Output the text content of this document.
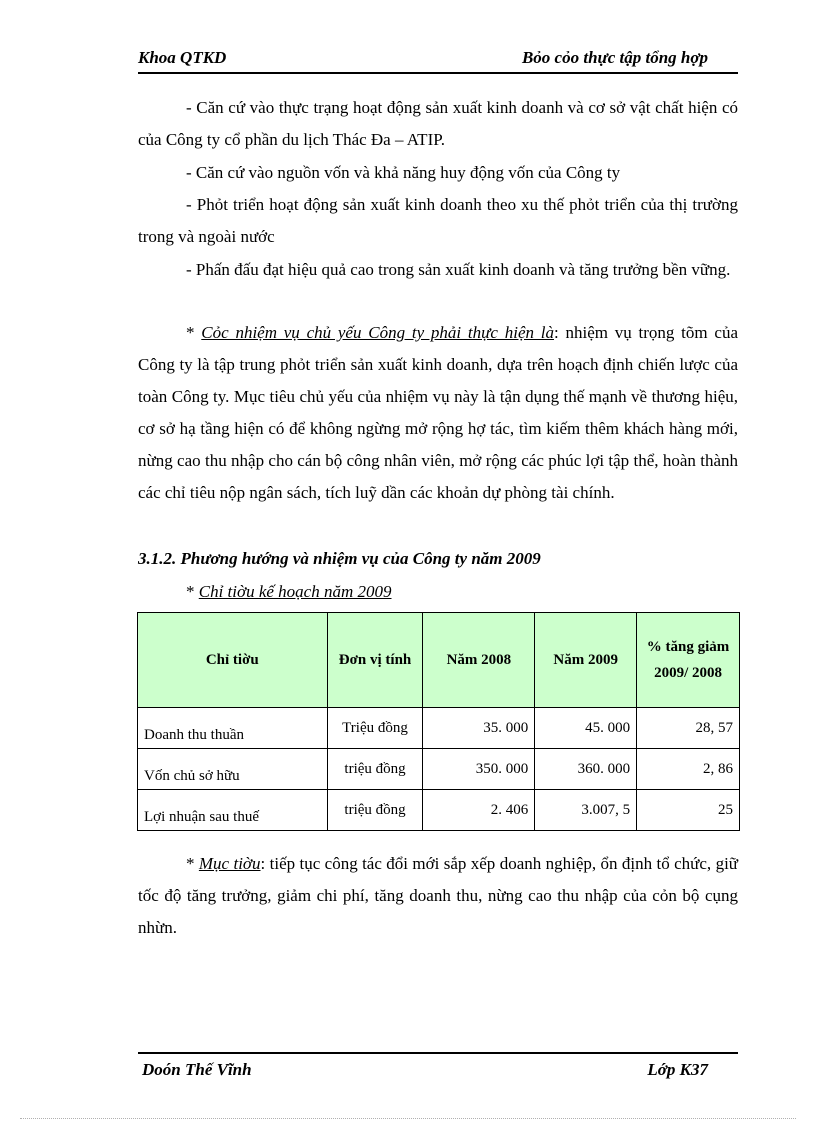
Khoa QTKD	Bỏo cỏo thực tập tổng hợp

- Căn cứ vào thực trạng hoạt động sản xuất kinh doanh và cơ sở vật chất hiện có của Công ty cổ phần du lịch Thác Đa – ATIP.

- Căn cứ vào nguồn vốn và khả năng huy động vốn của Công ty

- Phỏt triển hoạt động sản xuất kinh doanh theo xu thế phỏt triển của thị trường trong và ngoài nước

- Phấn đấu đạt hiệu quả cao trong sản xuất kinh doanh và tăng trưởng bền vững.

* Cỏc nhiệm vụ chủ yếu Công ty phải thực hiện là: nhiệm vụ trọng tõm của Công ty là tập trung phỏt triển sản xuất kinh doanh, dựa trên hoạch định chiến lược của toàn Công ty. Mục tiêu chủ yếu của nhiệm vụ này là tận dụng thế mạnh về thương hiệu, cơ sở hạ tầng hiện có để không ngừng mở rộng hợ tác, tìm kiếm thêm khách hàng mới, nừng cao thu nhập cho cán bộ công nhân viên, mở rộng các phúc lợi tập thể, hoàn thành các chỉ tiêu nộp ngân sách, tích luỹ dần các khoản dự phòng tài chính.

3.1.2. Phương hướng và nhiệm vụ của Công ty năm 2009

* Chỉ tiờu kế hoạch năm 2009

Chỉ tiờu	Đơn vị tính	Năm 2008	Năm 2009	% tăng giảm 2009/ 2008
Doanh thu thuần	Triệu đồng	35. 000	45. 000	28, 57
Vốn chủ sở hữu	triệu đồng	350. 000	360. 000	2, 86
Lợi nhuận sau thuế	triệu đồng	2. 406	3.007, 5	25

* Mục tiờu: tiếp tục công tác đổi mới sắp xếp doanh nghiệp, ổn định tổ chức, giữ tốc độ tăng trưởng, giảm chi phí, tăng doanh thu, nừng cao thu nhập của cỏn bộ cụng nhừn.

Doón Thế Vĩnh	Lớp K37
